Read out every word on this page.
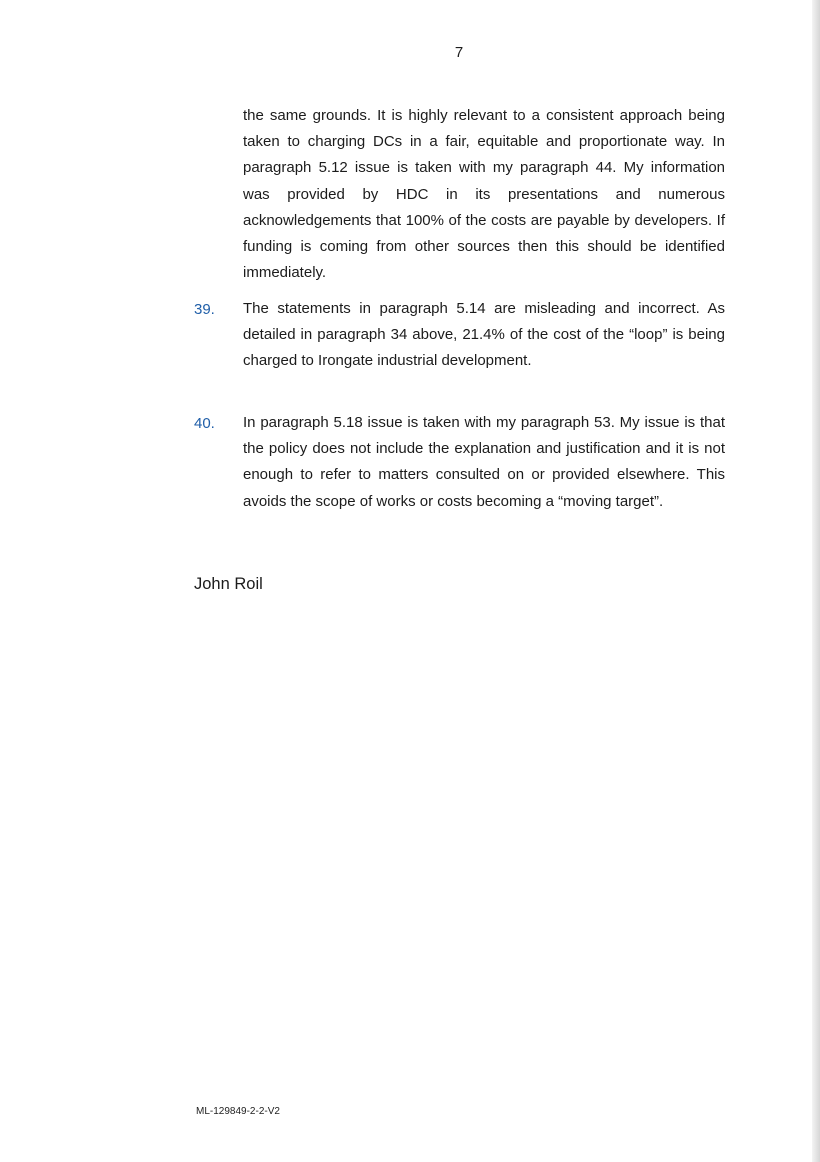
7
the same grounds. It is highly relevant to a consistent approach being taken to charging DCs in a fair, equitable and proportionate way. In paragraph 5.12 issue is taken with my paragraph 44. My information was provided by HDC in its presentations and numerous acknowledgements that 100% of the costs are payable by developers. If funding is coming from other sources then this should be identified immediately.
39. The statements in paragraph 5.14 are misleading and incorrect. As detailed in paragraph 34 above, 21.4% of the cost of the “loop” is being charged to Irongate industrial development.
40. In paragraph 5.18 issue is taken with my paragraph 53. My issue is that the policy does not include the explanation and justification and it is not enough to refer to matters consulted on or provided elsewhere. This avoids the scope of works or costs becoming a “moving target”.
John Roil
ML-129849-2-2-V2
